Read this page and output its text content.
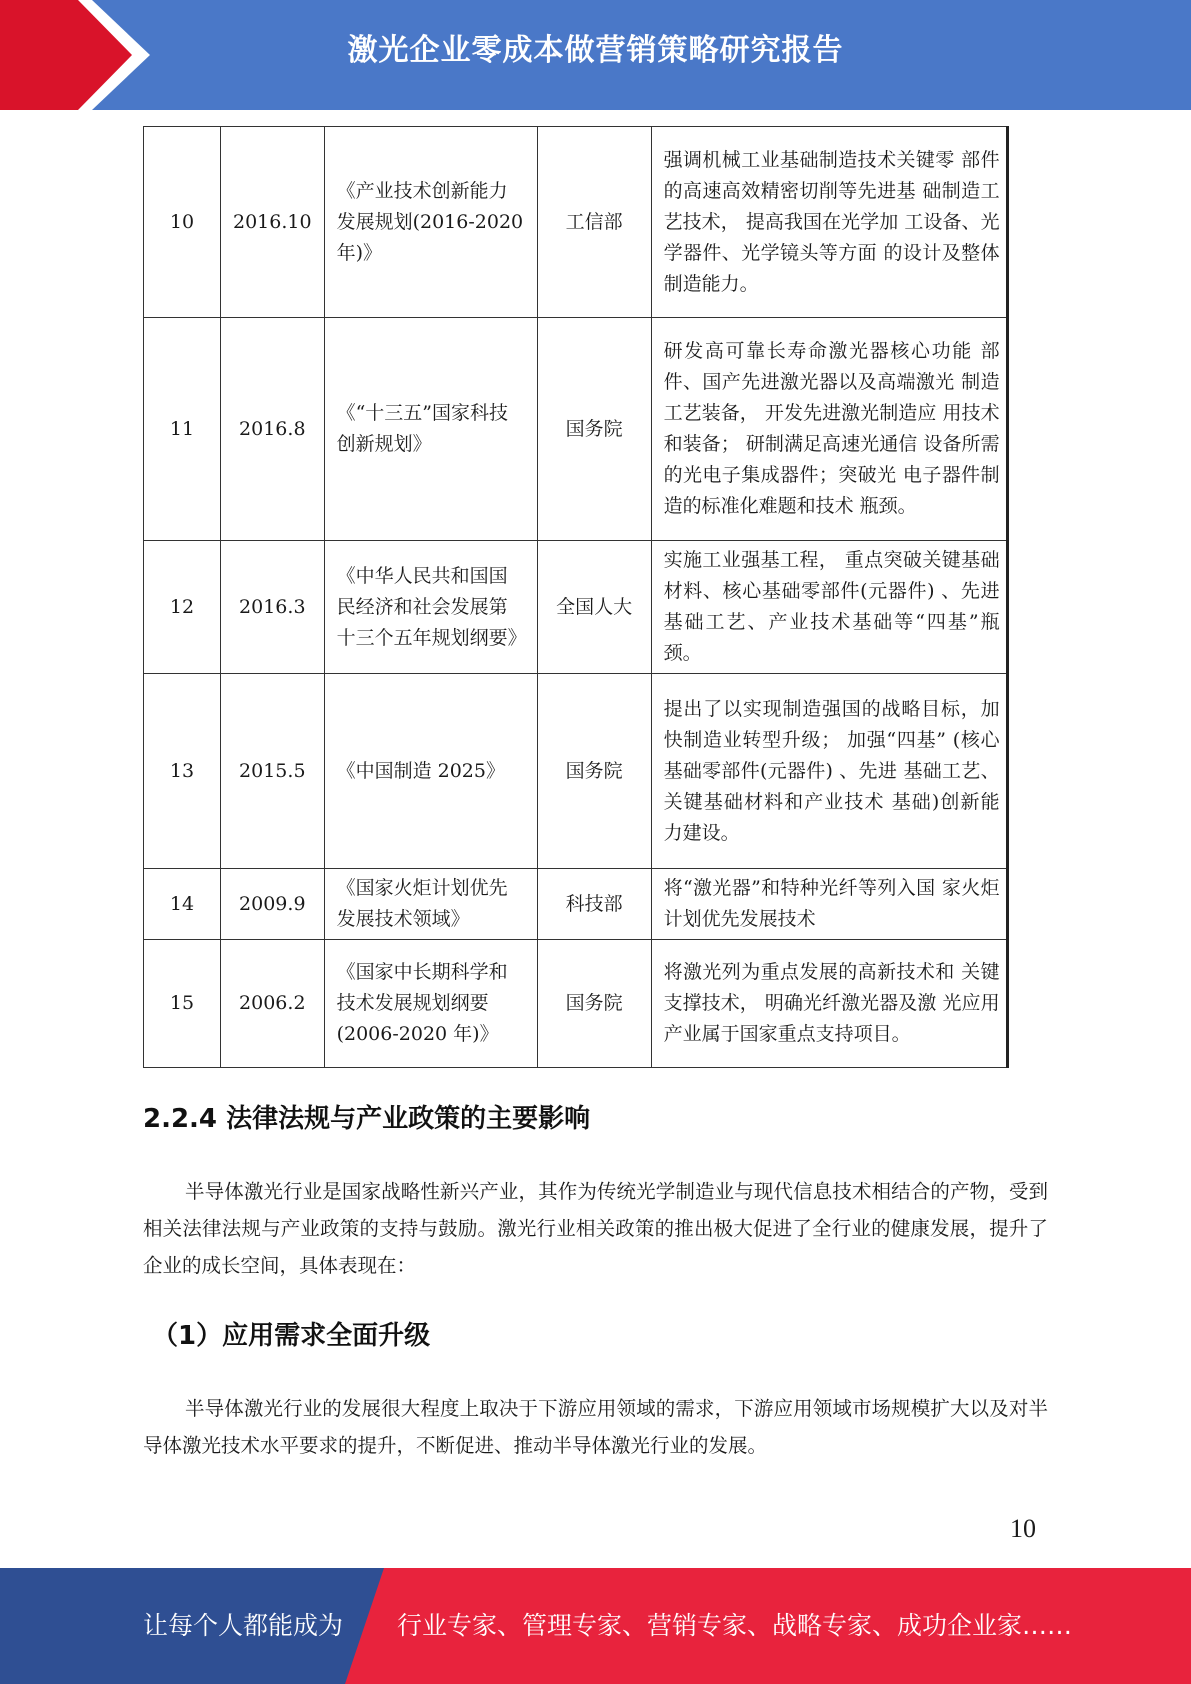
激光企业零成本做营销策略研究报告
10	2016.10	《产业技术创新能力发展规划(2016-2020 年)》	工信部	强调机械工业基础制造技术关键零 部件的高速高效精密切削等先进基 础制造工艺技术， 提高我国在光学加 工设备、光学器件、光学镜头等方面 的设计及整体制造能力。
11	2016.8	《“十三五”国家科技创新规划》	国务院	研发高可靠长寿命激光器核心功能 部件、国产先进激光器以及高端激光 制造工艺装备， 开发先进激光制造应 用技术和装备； 研制满足高速光通信 设备所需的光电子集成器件；突破光 电子器件制造的标准化难题和技术 瓶颈。
12	2016.3	《中华人民共和国国民经济和社会发展第 十三个五年规划纲要》	全国人大	实施工业强基工程， 重点突破关键基础材料、核心基础零部件(元器件) 、先进基础工艺、产业技术基础等“四基”瓶颈。
13	2015.5	《中国制造 2025》	国务院	提出了以实现制造强国的战略目标，加快制造业转型升级； 加强“四基” (核心基础零部件(元器件) 、先进 基础工艺、关键基础材料和产业技术 基础)创新能力建设。
14	2009.9	《国家火炬计划优先 发展技术领域》	科技部	将“激光器”和特种光纤等列入国 家火炬计划优先发展技术
15	2006.2	《国家中长期科学和技术发展规划纲要(2006-2020 年)》	国务院	将激光列为重点发展的高新技术和 关键支撑技术， 明确光纤激光器及激 光应用产业属于国家重点支持项目。
2.2.4 法律法规与产业政策的主要影响

半导体激光行业是国家战略性新兴产业，其作为传统光学制造业与现代信息技术相结合的产物，受到相关法律法规与产业政策的支持与鼓励。激光行业相关政策的推出极大促进了全行业的健康发展，提升了企业的成长空间，具体表现在：

（1）应用需求全面升级

半导体激光行业的发展很大程度上取决于下游应用领域的需求，下游应用领域市场规模扩大以及对半导体激光技术水平要求的提升，不断促进、推动半导体激光行业的发展。

10
让每个人都能成为 行业专家、管理专家、营销专家、战略专家、成功企业家……
